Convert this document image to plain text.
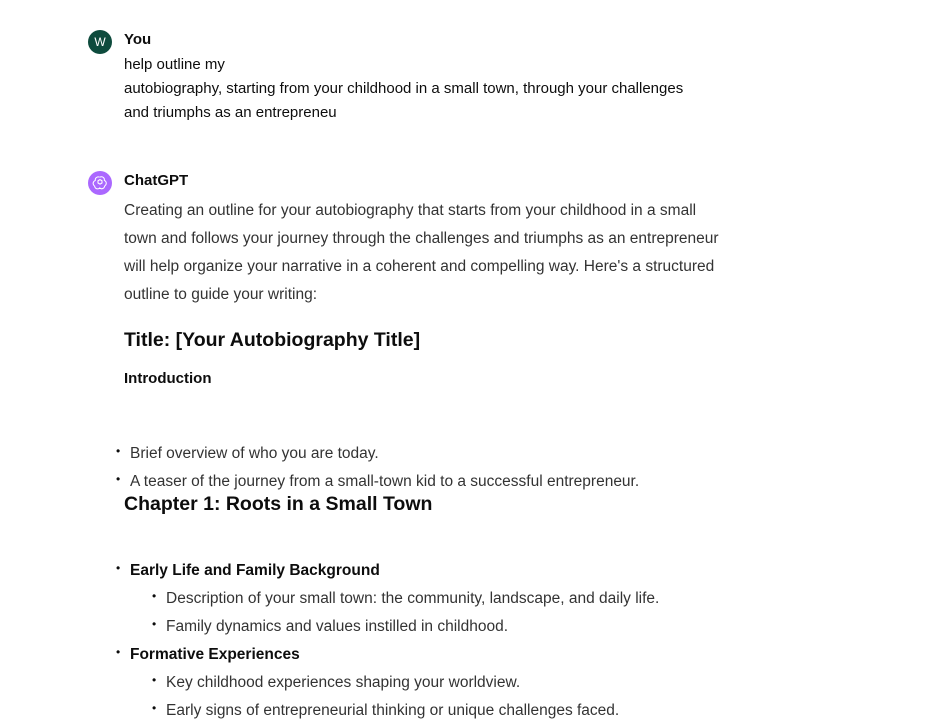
W You
help outline my
autobiography, starting from your childhood in a small town, through your challenges
and triumphs as an entrepreneu
ChatGPT
Creating an outline for your autobiography that starts from your childhood in a small
town and follows your journey through the challenges and triumphs as an entrepreneur
will help organize your narrative in a coherent and compelling way. Here's a structured
outline to guide your writing:
Title: [Your Autobiography Title]
Introduction
• Brief overview of who you are today.
• A teaser of the journey from a small-town kid to a successful entrepreneur.
Chapter 1: Roots in a Small Town
• Early Life and Family Background
• Description of your small town: the community, landscape, and daily life.
• Family dynamics and values instilled in childhood.
• Formative Experiences
• Key childhood experiences shaping your worldview.
• Early signs of entrepreneurial thinking or unique challenges faced.
